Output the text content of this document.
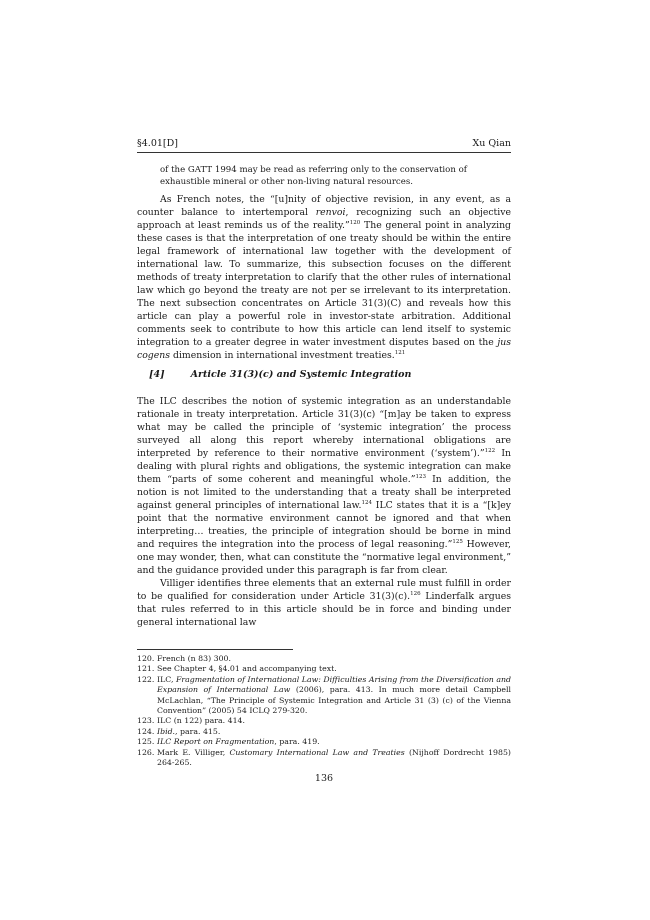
§4.01[D]	Xu Qian
of the GATT 1994 may be read as referring only to the conservation of exhaustible mineral or other non-living natural resources.

As French notes, the “[u]nity of objective revision, in any event, as a counter balance to intertemporal renvoi, recognizing such an objective approach at least reminds us of the reality.”$^{120}$ The general point in analyzing these cases is that the interpretation of one treaty should be within the entire legal framework of international law together with the development of international law. To summarize, this subsection focuses on the different methods of treaty interpretation to clarify that the other rules of international law which go beyond the treaty are not per se irrelevant to its interpretation. The next subsection concentrates on Article 31(3)(C) and reveals how this article can play a powerful role in investor-state arbitration. Additional comments seek to contribute to how this article can lend itself to systemic integration to a greater degree in water investment disputes based on the jus cogens dimension in international investment treaties.$^{121}$

[4]	Article 31(3)(c) and Systemic Integration

The ILC describes the notion of systemic integration as an understandable rationale in treaty interpretation. Article 31(3)(c) “[m]ay be taken to express what may be called the principle of ‘systemic integration’ the process surveyed all along this report whereby international obligations are interpreted by reference to their normative environment (‘system’).”$^{122}$ In dealing with plural rights and obligations, the systemic integration can make them “parts of some coherent and meaningful whole.”$^{123}$ In addition, the notion is not limited to the understanding that a treaty shall be interpreted against general principles of international law.$^{124}$ ILC states that it is a “[k]ey point that the normative environment cannot be ignored and that when interpreting… treaties, the principle of integration should be borne in mind and requires the integration into the process of legal reasoning.”$^{125}$ However, one may wonder, then, what can constitute the “normative legal environment,” and the guidance provided under this paragraph is far from clear.

Villiger identifies three elements that an external rule must fulfill in order to be qualified for consideration under Article 31(3)(c).$^{126}$ Linderfalk argues that rules referred to in this article should be in force and binding under general international law

120. French (n 83) 300.
121. See Chapter 4, §4.01 and accompanying text.
122. ILC, Fragmentation of International Law: Difficulties Arising from the Diversification and Expansion of International Law (2006), para. 413. In much more detail Campbell McLachlan, “The Principle of Systemic Integration and Article 31 (3) (c) of the Vienna Convention” (2005) 54 ICLQ 279-320.
123. ILC (n 122) para. 414.
124. Ibid., para. 415.
125. ILC Report on Fragmentation, para. 419.
126. Mark E. Villiger, Customary International Law and Treaties (Nijhoff Dordrecht 1985) 264-265.
136
